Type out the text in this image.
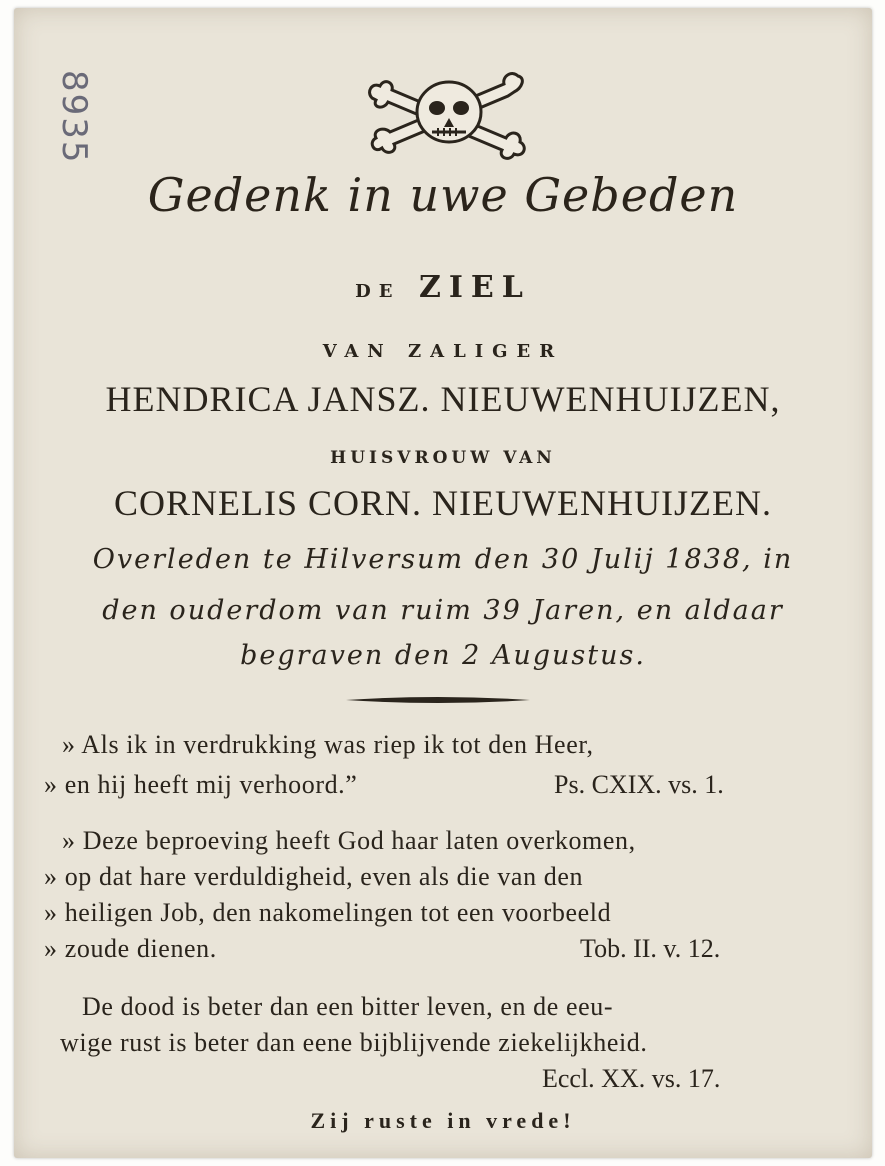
8935
Gedenk in uwe Gebeden
DE ZIEL
VAN ZALIGER
HENDRICA JANSZ. NIEUWENHUIJZEN,
HUISVROUW VAN
CORNELIS CORN. NIEUWENHUIJZEN.
Overleden te Hilversum den 30 Julij 1838, in
den ouderdom van ruim 39 Jaren, en aldaar
begraven den 2 Augustus.
» Als ik in verdrukking was riep ik tot den Heer,
» en hij heeft mij verhoord.”	Ps. CXIX. vs. 1.
» Deze beproeving heeft God haar laten overkomen,
» op dat hare verduldigheid, even als die van den
» heiligen Job, den nakomelingen tot een voorbeeld
» zoude dienen.	Tob. II. v. 12.
De dood is beter dan een bitter leven, en de eeu-
wige rust is beter dan eene bijblijvende ziekelijkheid.
Eccl. XX. vs. 17.
Zij ruste in vrede!
